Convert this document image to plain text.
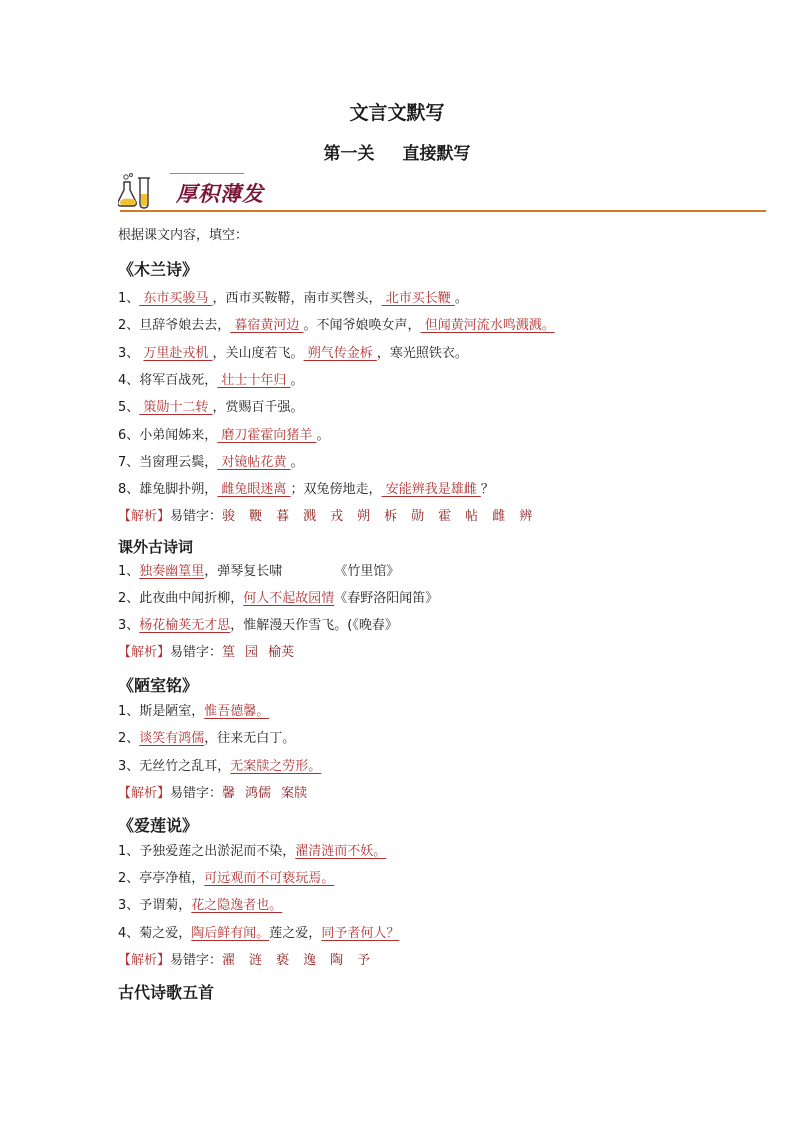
文言文默写
第一关 直接默写
厚积薄发
根据课文内容，填空：
《木兰诗》
1、 东市买骏马 ，西市买鞍鞯，南市买辔头， 北市买长鞭 。
2、旦辞爷娘去去， 暮宿黄河边 。不闻爷娘唤女声， 但闻黄河流水鸣溅溅。
3、 万里赴戎机 ，关山度若飞。 朔气传金柝 ，寒光照铁衣。
4、将军百战死， 壮士十年归 。
5、 策勋十二转 ，赏赐百千强。
6、小弟闻姊来， 磨刀霍霍向猪羊 。
7、当窗理云鬓， 对镜帖花黄 。
8、雄兔脚扑朔， 雌兔眼迷离 ；双兔傍地走， 安能辨我是雄雌 ？
【解析】易错字：骏 鞭 暮 溅 戎 朔 柝 勋 霍 帖 雌 辨
课外古诗词
1、独奏幽篁里，弹琴复长啸	《竹里馆》
2、此夜曲中闻折柳，何人不起故园情《春野洛阳闻笛》
3、杨花榆荚无才思，惟解漫天作雪飞。(《晚春》
【解析】易错字：篁 园 榆荚
《陋室铭》
1、斯是陋室，惟吾德馨。
2、谈笑有鸿儒，往来无白丁。
3、无丝竹之乱耳，无案牍之劳形。
【解析】易错字：馨 鸿儒 案牍
《爱莲说》
1、予独爱莲之出淤泥而不染，濯清涟而不妖。
2、亭亭净植，可远观而不可亵玩焉。
3、予谓菊，花之隐逸者也。
4、菊之爱，陶后鲜有闻。莲之爱，同予者何人？
【解析】易错字：濯 涟 亵 逸 陶 予
古代诗歌五首
